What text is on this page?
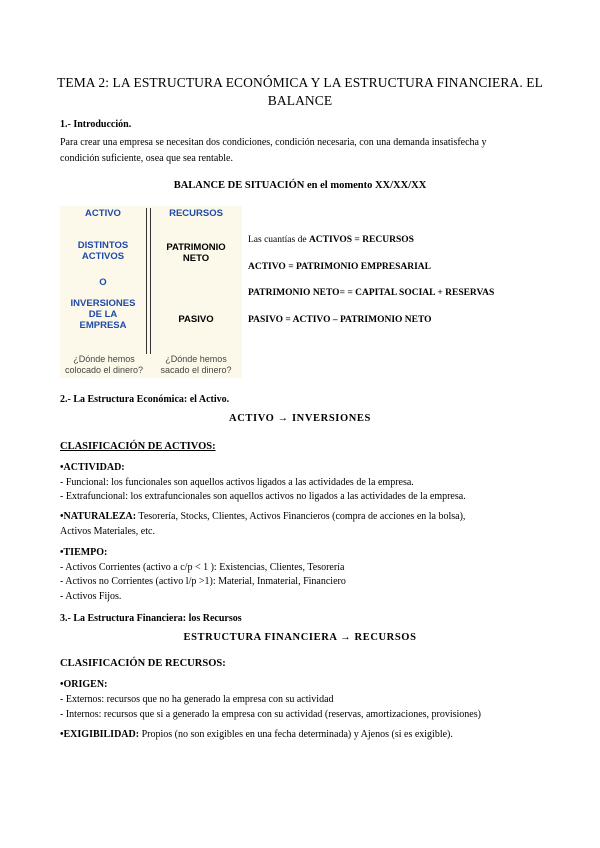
TEMA 2: LA ESTRUCTURA ECONÓMICA Y LA ESTRUCTURA FINANCIERA. EL
BALANCE
1.- Introducción.
Para crear una empresa se necesitan dos condiciones, condición necesaria, con una demanda insatisfecha y
condición suficiente, osea que sea rentable.
BALANCE DE SITUACIÓN en el momento XX/XX/XX
ACTIVO	RECURSOS
DISTINTOS
ACTIVOS
O
INVERSIONES
DE LA
EMPRESA
PATRIMONIO
NETO
PASIVO
¿Dónde hemos
colocado el dinero?
¿Dónde hemos
sacado el dinero?
Las cuantías de ACTIVOS = RECURSOS
ACTIVO = PATRIMONIO EMPRESARIAL
PATRIMONIO NETO= = CAPITAL SOCIAL + RESERVAS
PASIVO = ACTIVO – PATRIMONIO NETO
2.- La Estructura Económica: el Activo.
ACTIVO → INVERSIONES
CLASIFICACIÓN DE ACTIVOS:
•ACTIVIDAD:
- Funcional: los funcionales son aquellos activos ligados a las actividades de la empresa.
- Extrafuncional: los extrafuncionales son aquellos activos no ligados a las actividades de la empresa.
•NATURALEZA: Tesorería, Stocks, Clientes, Activos Financieros (compra de acciones en la bolsa),
Activos Materiales, etc.
•TIEMPO:
- Activos Corrientes (activo a c/p < 1 ): Existencias, Clientes, Tesorería
- Activos no Corrientes (activo l/p >1): Material, Inmaterial, Financiero
- Activos Fijos.
3.- La Estructura Financiera: los Recursos
ESTRUCTURA FINANCIERA → RECURSOS
CLASIFICACIÓN DE RECURSOS:
•ORIGEN:
- Externos: recursos que no ha generado la empresa con su actividad
- Internos: recursos que si a generado la empresa con su actividad (reservas, amortizaciones, provisiones)
•EXIGIBILIDAD: Propios (no son exigibles en una fecha determinada) y Ajenos (si es exigible).
